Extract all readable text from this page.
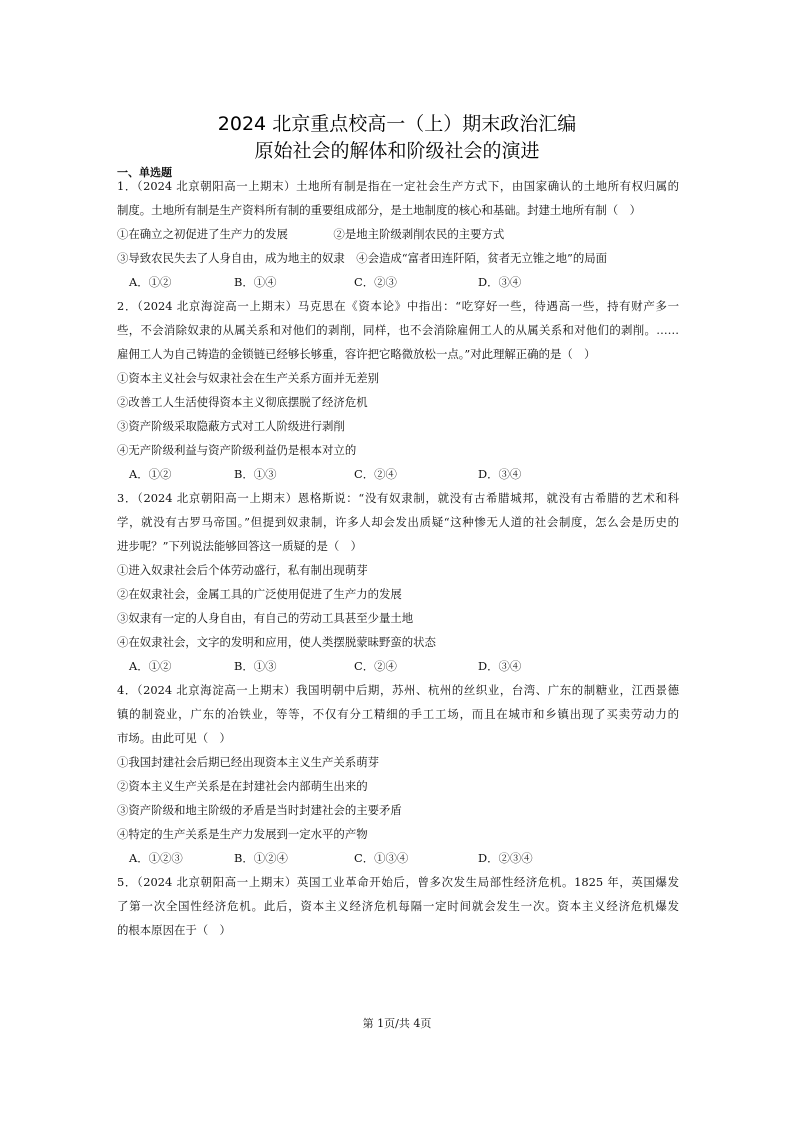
2024 北京重点校高一（上）期末政治汇编
原始社会的解体和阶级社会的演进
一、单选题
1．（2024 北京朝阳高一上期末）土地所有制是指在一定社会生产方式下，由国家确认的土地所有权归属的
制度。土地所有制是生产资料所有制的重要组成部分，是土地制度的核心和基础。封建土地所有制（　）
①在确立之初促进了生产力的发展　　　　②是地主阶级剥削农民的主要方式
③导致农民失去了人身自由，成为地主的奴隶　④会造成“富者田连阡陌，贫者无立锥之地”的局面
A．①②	B．①④	C．②③	D．③④
2．（2024 北京海淀高一上期末）马克思在《资本论》中指出：“吃穿好一些，待遇高一些，持有财产多一
些，不会消除奴隶的从属关系和对他们的剥削，同样，也不会消除雇佣工人的从属关系和对他们的剥削。……
雇佣工人为自己铸造的金锁链已经够长够重，容许把它略微放松一点。”对此理解正确的是（　）
①资本主义社会与奴隶社会在生产关系方面并无差别
②改善工人生活使得资本主义彻底摆脱了经济危机
③资产阶级采取隐蔽方式对工人阶级进行剥削
④无产阶级利益与资产阶级利益仍是根本对立的
A．①②	B．①③	C．②④	D．③④
3．（2024 北京朝阳高一上期末）恩格斯说：“没有奴隶制，就没有古希腊城邦，就没有古希腊的艺术和科
学，就没有古罗马帝国。”但提到奴隶制，许多人却会发出质疑“这种惨无人道的社会制度，怎么会是历史的
进步呢？”下列说法能够回答这一质疑的是（　）
①进入奴隶社会后个体劳动盛行，私有制出现萌芽
②在奴隶社会，金属工具的广泛使用促进了生产力的发展
③奴隶有一定的人身自由，有自己的劳动工具甚至少量土地
④在奴隶社会，文字的发明和应用，使人类摆脱蒙昧野蛮的状态
A．①②	B．①③	C．②④	D．③④
4．（2024 北京海淀高一上期末）我国明朝中后期，苏州、杭州的丝织业，台湾、广东的制糖业，江西景德
镇的制瓷业，广东的冶铁业，等等，不仅有分工精细的手工工场，而且在城市和乡镇出现了买卖劳动力的
市场。由此可见（　）
①我国封建社会后期已经出现资本主义生产关系萌芽
②资本主义生产关系是在封建社会内部萌生出来的
③资产阶级和地主阶级的矛盾是当时封建社会的主要矛盾
④特定的生产关系是生产力发展到一定水平的产物
A．①②③	B．①②④	C．①③④	D．②③④
5．（2024 北京朝阳高一上期末）英国工业革命开始后，曾多次发生局部性经济危机。1825 年，英国爆发
了第一次全国性经济危机。此后，资本主义经济危机每隔一定时间就会发生一次。资本主义经济危机爆发
的根本原因在于（　）
第 1页/共 4页
